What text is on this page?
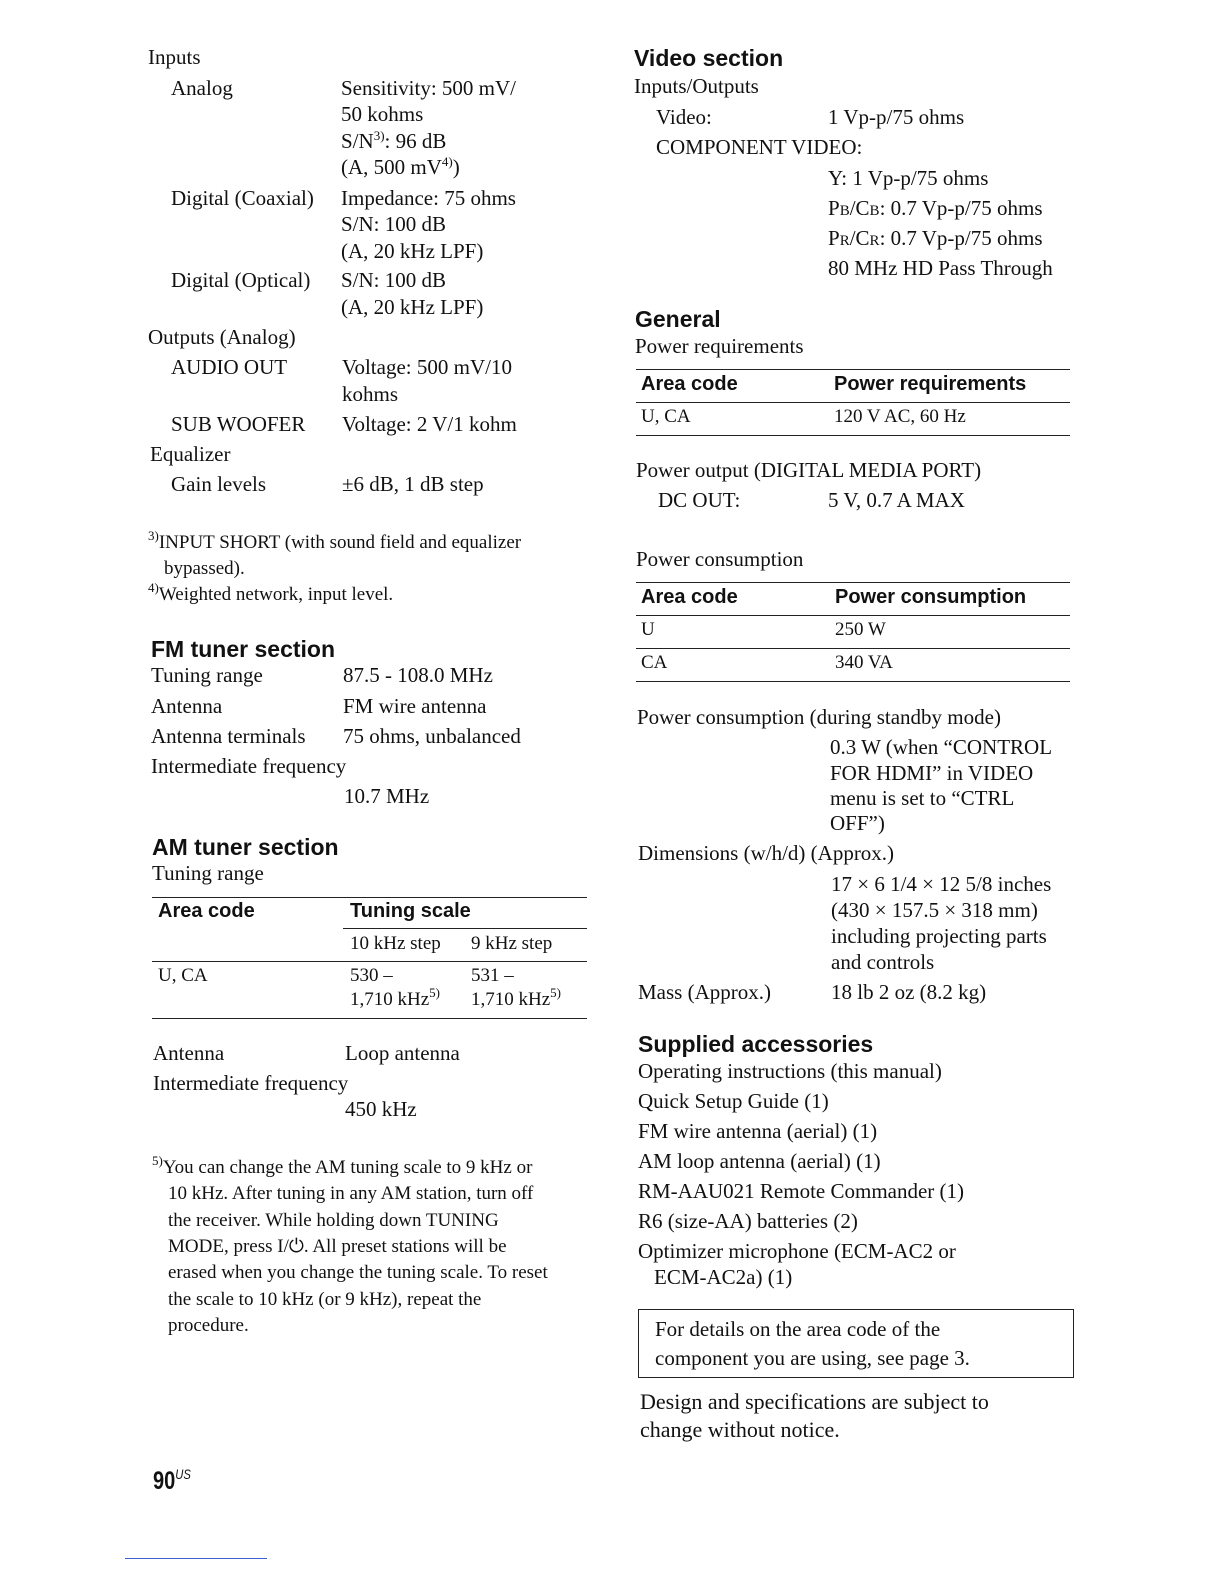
Inputs
Analog	Sensitivity: 500 mV/
50 kohms
$S/N^{3)}$: 96 dB
(A, 500 $mV^{4)}$)
Digital (Coaxial) Impedance: 75 ohms
S/N: 100 dB
(A, 20 kHz LPF)
Digital (Optical) S/N: 100 dB
(A, 20 kHz LPF)
Outputs (Analog)
AUDIO OUT	Voltage: 500 mV/10
kohms
SUB WOOFER Voltage: 2 V/1 kohm
Equalizer
Gain levels	±6 dB, 1 dB step
$^{3)}$INPUT SHORT (with sound field and equalizer
bypassed).
$^{4)}$Weighted network, input level.
FM tuner section
Tuning range	87.5 - 108.0 MHz
Antenna	FM wire antenna
Antenna terminals 75 ohms, unbalanced
Intermediate frequency
10.7 MHz
AM tuner section
Tuning range
Area code	Tuning scale
10 kHz step 9 kHz step
U, CA	530 –	531 –
1,710 kHz$^{5)}$ 1,710 kHz$^{5)}$
Antenna	Loop antenna
Intermediate frequency
450 kHz
$^{5)}$You can change the AM tuning scale to 9 kHz or
10 kHz. After tuning in any AM station, turn off
the receiver. While holding down TUNING
MODE, press I/⏻. All preset stations will be
erased when you change the tuning scale. To reset
the scale to 10 kHz (or 9 kHz), repeat the
procedure.
$90^{US}$
Video section
Inputs/Outputs
Video:	1 Vp-p/75 ohms
COMPONENT VIDEO:
Y: 1 Vp-p/75 ohms
PB/CB: 0.7 Vp-p/75 ohms
PR/CR: 0.7 Vp-p/75 ohms
80 MHz HD Pass Through
General
Power requirements
Area code	Power requirements
U, CA	120 V AC, 60 Hz
Power output (DIGITAL MEDIA PORT)
DC OUT:	5 V, 0.7 A MAX
Power consumption
Area code	Power consumption
U	250 W
CA	340 VA
Power consumption (during standby mode)
0.3 W (when “CONTROL
FOR HDMI” in VIDEO
menu is set to “CTRL
OFF”)
Dimensions (w/h/d) (Approx.)
17 × 6 1/4 × 12 5/8 inches
(430 × 157.5 × 318 mm)
including projecting parts
and controls
Mass (Approx.)	18 lb 2 oz (8.2 kg)
Supplied accessories
Operating instructions (this manual)
Quick Setup Guide (1)
FM wire antenna (aerial) (1)
AM loop antenna (aerial) (1)
RM-AAU021 Remote Commander (1)
R6 (size-AA) batteries (2)
Optimizer microphone (ECM-AC2 or
ECM-AC2a) (1)
For details on the area code of the
component you are using, see page 3.
Design and specifications are subject to
change without notice.
